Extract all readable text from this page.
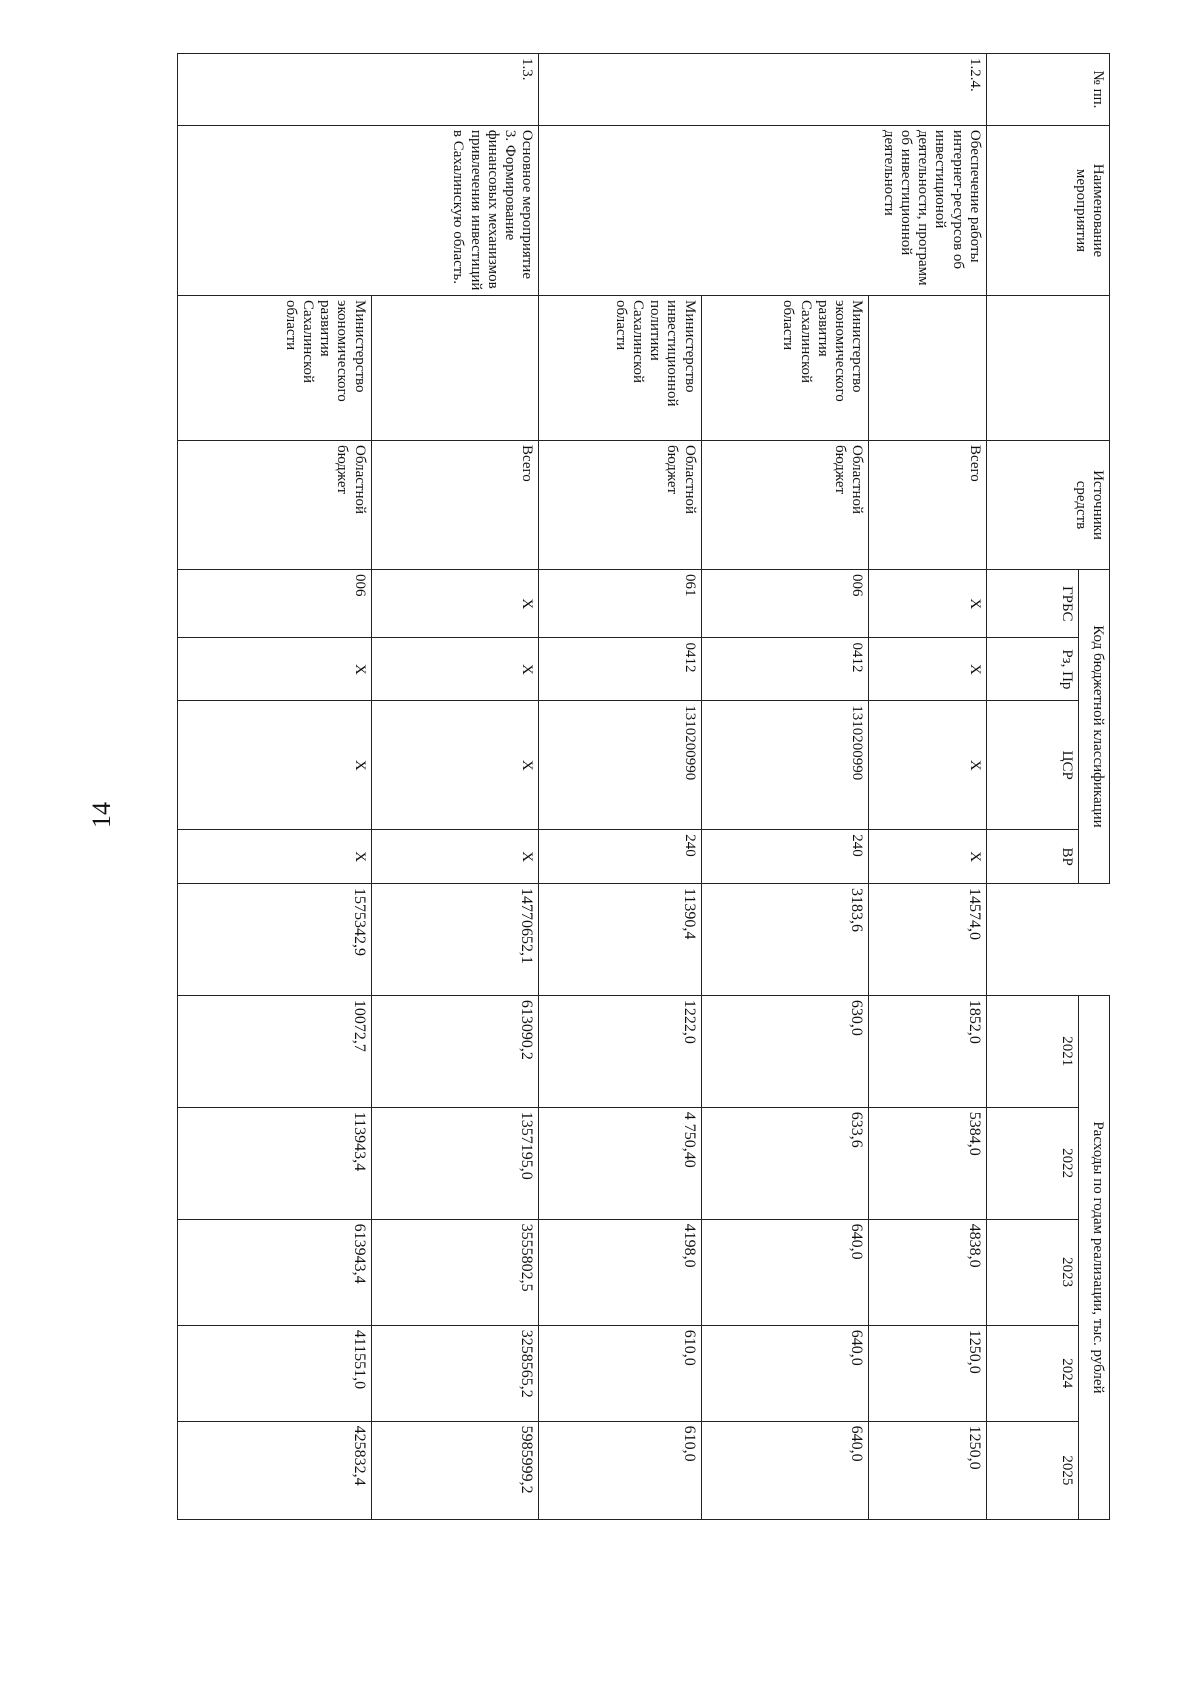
14
№ пп.	Наименование мероприятия		Источники средств	Код бюджетной классификации					Расходы по годам реализации, тыс. рублей				
				ГРБС	Рз, Пр	ЦСР	ВР		2021	2022	2023	2024	2025
1.2.4.	Обеспечение работы интернет-ресурсов об инвестиционой деятельности, программ об инвестиционной деятельности		Всего	X	X	X	X	14574,0	1852,0	5384,0	4838,0	1250,0	1250,0
		Министерство экономического развития Сахалинской области	Областной бюджет	006	0412	1310200990	240	3183,6	630,0	633,6	640,0	640,0	640,0
		Министерство инвестиционной политики Сахалинской области	Областной бюджет	061	0412	1310200990	240	11390,4	1222,0	4 750,40	4198,0	610,0	610,0
1.3.	Основное мероприятие 3. Формирование финансовых механизмов привлечения инвестиций в Сахалинскую область.		Всего	X	X	X	X	14770652,1	613090,2	1357195,0	3555802,5	3258565,2	5985999,2
		Министерство экономического развития Сахалинской области	Областной бюджет	006	X	X	X	1575342,9	10072,7	113943,4	613943,4	411551,0	425832,4
